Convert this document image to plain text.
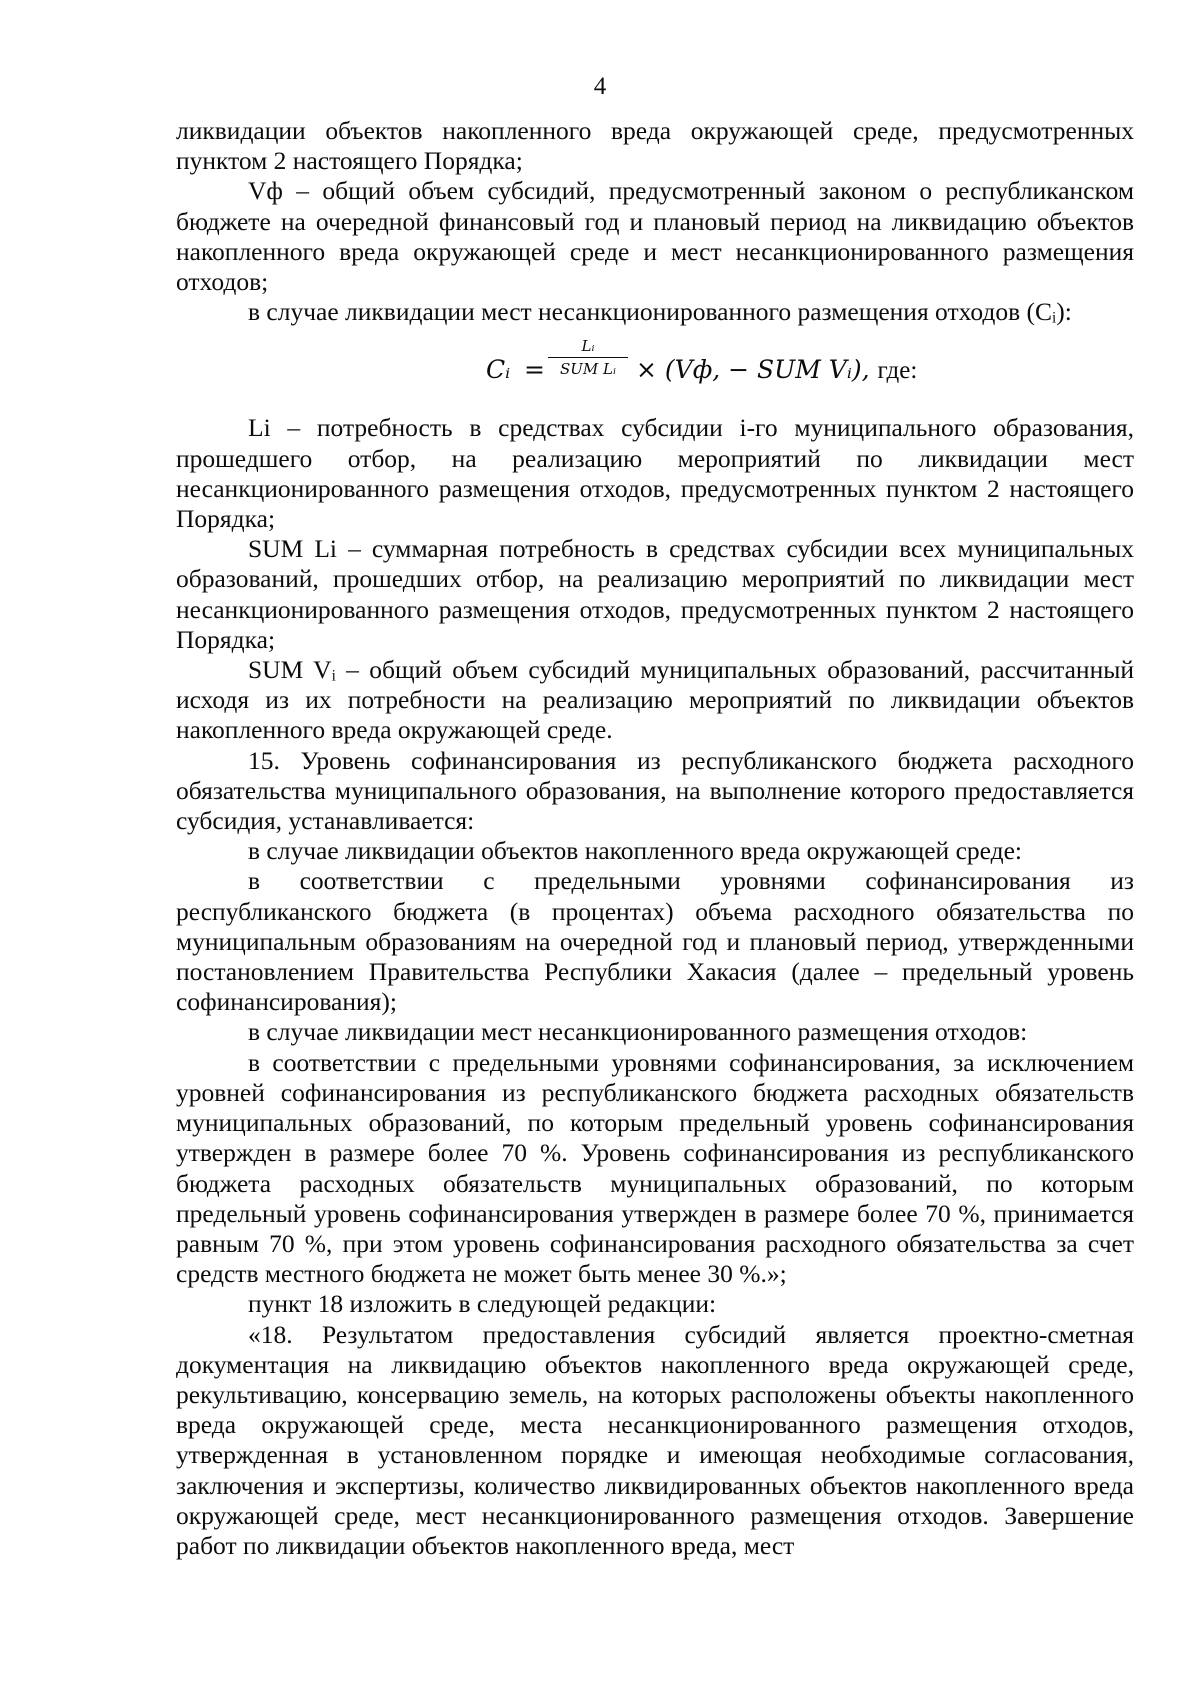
4

ликвидации объектов накопленного вреда окружающей среде, предусмотренных пунктом 2 настоящего Порядка;

Vф – общий объем субсидий, предусмотренный законом о республиканском бюджете на очередной финансовый год и плановый период на ликвидацию объектов накопленного вреда окружающей среде и мест несанкционированного размещения отходов;

в случае ликвидации мест несанкционированного размещения отходов (Cᵢ):

Cᵢ =
Lᵢ
SUM Lᵢ × (Vф, − SUM Vᵢ), где:

Li – потребность в средствах субсидии i-го муниципального образования, прошедшего отбор, на реализацию мероприятий по ликвидации мест несанкционированного размещения отходов, предусмотренных пунктом 2 настоящего Порядка;

SUM Li – суммарная потребность в средствах субсидии всех муниципальных образований, прошедших отбор, на реализацию мероприятий по ликвидации мест несанкционированного размещения отходов, предусмотренных пунктом 2 настоящего Порядка;

SUM Vᵢ – общий объем субсидий муниципальных образований, рассчитанный исходя из их потребности на реализацию мероприятий по ликвидации объектов накопленного вреда окружающей среде.

15. Уровень софинансирования из республиканского бюджета расходного обязательства муниципального образования, на выполнение которого предоставляется субсидия, устанавливается:

в случае ликвидации объектов накопленного вреда окружающей среде:

в соответствии с предельными уровнями софинансирования из республиканского бюджета (в процентах) объема расходного обязательства по муниципальным образованиям на очередной год и плановый период, утвержденными постановлением Правительства Республики Хакасия (далее – предельный уровень софинансирования);

в случае ликвидации мест несанкционированного размещения отходов:

в соответствии с предельными уровнями софинансирования, за исключением уровней софинансирования из республиканского бюджета расходных обязательств муниципальных образований, по которым предельный уровень софинансирования утвержден в размере более 70 %. Уровень софинансирования из республиканского бюджета расходных обязательств муниципальных образований, по которым предельный уровень софинансирования утвержден в размере более 70 %, принимается равным 70 %, при этом уровень софинансирования расходного обязательства за счет средств местного бюджета не может быть менее 30 %.»;

пункт 18 изложить в следующей редакции:

«18. Результатом предоставления субсидий является проектно-сметная документация на ликвидацию объектов накопленного вреда окружающей среде, рекультивацию, консервацию земель, на которых расположены объекты накопленного вреда окружающей среде, места несанкционированного размещения отходов, утвержденная в установленном порядке и имеющая необходимые согласования, заключения и экспертизы, количество ликвидированных объектов накопленного вреда окружающей среде, мест несанкционированного размещения отходов. Завершение работ по ликвидации объектов накопленного вреда, мест
